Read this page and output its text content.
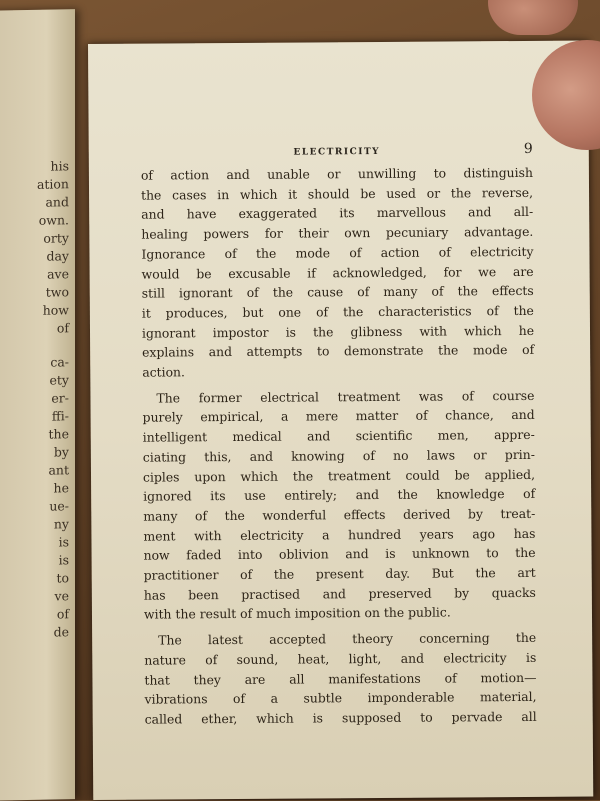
his
ation
and
own.
orty
day
ave
two
how
of
ca-
ety
er-
ffi-
the
by
ant
he
ue-
ny
is
is
to
ve
of
de
ELECTRICITY	9
of action and unable or unwilling to distinguish
the cases in which it should be used or the reverse,
and have exaggerated its marvellous and all-
healing powers for their own pecuniary advantage.
Ignorance of the mode of action of electricity
would be excusable if acknowledged, for we are
still ignorant of the cause of many of the effects
it produces, but one of the characteristics of the
ignorant impostor is the glibness with which he
explains and attempts to demonstrate the mode of
action.
The former electrical treatment was of course
purely empirical, a mere matter of chance, and
intelligent medical and scientific men, appre-
ciating this, and knowing of no laws or prin-
ciples upon which the treatment could be applied,
ignored its use entirely; and the knowledge of
many of the wonderful effects derived by treat-
ment with electricity a hundred years ago has
now faded into oblivion and is unknown to the
practitioner of the present day. But the art
has been practised and preserved by quacks
with the result of much imposition on the public.
The latest accepted theory concerning the
nature of sound, heat, light, and electricity is
that they are all manifestations of motion—
vibrations of a subtle imponderable material,
called ether, which is supposed to pervade all
